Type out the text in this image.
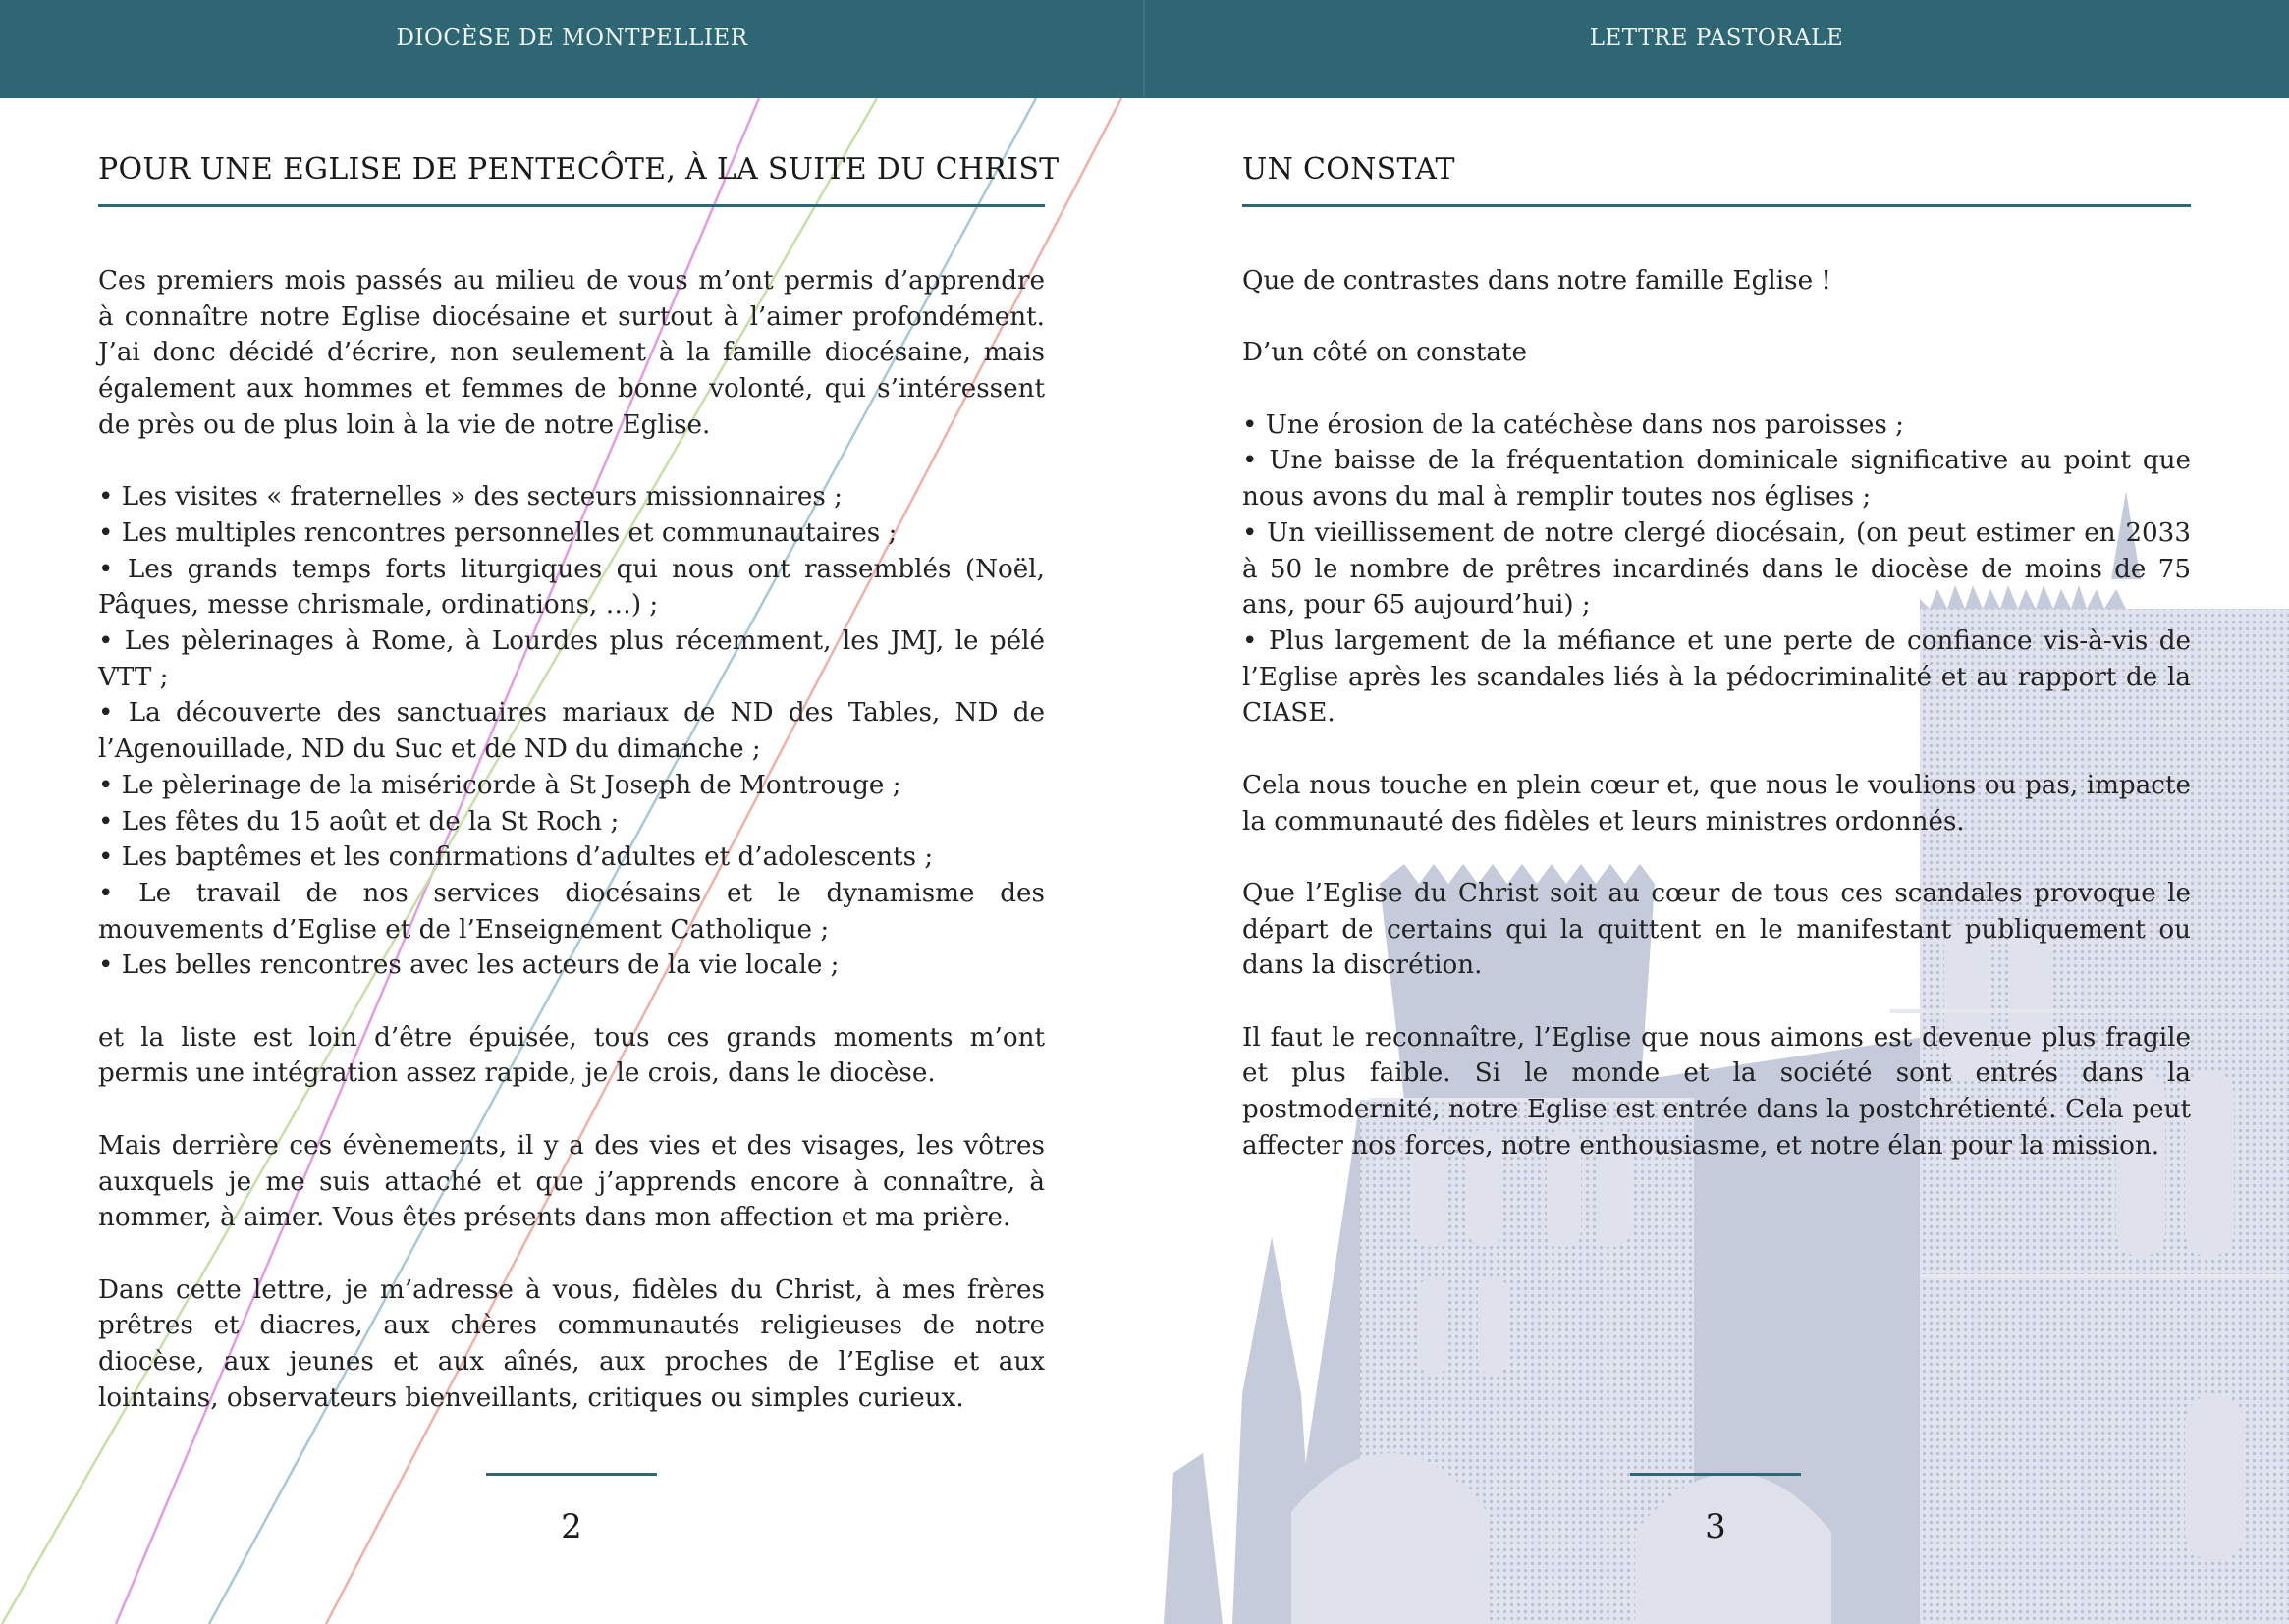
DIOCÈSE DE MONTPELLIER
POUR UNE EGLISE DE PENTECÔTE, À LA SUITE DU CHRIST

Ces premiers mois passés au milieu de vous m’ont permis d’apprendre à connaître notre Eglise diocésaine et surtout à l’aimer profondément. J’ai donc décidé d’écrire, non seulement à la famille diocésaine, mais également aux hommes et femmes de bonne volonté, qui s’intéressent de près ou de plus loin à la vie de notre Eglise.

• Les visites « fraternelles » des secteurs missionnaires ;
• Les multiples rencontres personnelles et communautaires ;
• Les grands temps forts liturgiques qui nous ont rassemblés (Noël, Pâques, messe chrismale, ordinations, …) ;
• Les pèlerinages à Rome, à Lourdes plus récemment, les JMJ, le pélé VTT ;
• La découverte des sanctuaires mariaux de ND des Tables, ND de l’Agenouillade, ND du Suc et de ND du dimanche ;
• Le pèlerinage de la miséricorde à St Joseph de Montrouge ;
• Les fêtes du 15 août et de la St Roch ;
• Les baptêmes et les confirmations d’adultes et d’adolescents ;
• Le travail de nos services diocésains et le dynamisme des mouvements d’Eglise et de l’Enseignement Catholique ;
• Les belles rencontres avec les acteurs de la vie locale ;

et la liste est loin d’être épuisée, tous ces grands moments m’ont permis une intégration assez rapide, je le crois, dans le diocèse.

Mais derrière ces évènements, il y a des vies et des visages, les vôtres auxquels je me suis attaché et que j’apprends encore à connaître, à nommer, à aimer. Vous êtes présents dans mon affection et ma prière.

Dans cette lettre, je m’adresse à vous, fidèles du Christ, à mes frères prêtres et diacres, aux chères communautés religieuses de notre diocèse, aux jeunes et aux aînés, aux proches de l’Eglise et aux lointains, observateurs bienveillants, critiques ou simples curieux.

2
LETTRE PASTORALE
UN CONSTAT

Que de contrastes dans notre famille Eglise !

D’un côté on constate

• Une érosion de la catéchèse dans nos paroisses ;
• Une baisse de la fréquentation dominicale significative au point que nous avons du mal à remplir toutes nos églises ;
• Un vieillissement de notre clergé diocésain, (on peut estimer en 2033 à 50 le nombre de prêtres incardinés dans le diocèse de moins de 75 ans, pour 65 aujourd’hui) ;
• Plus largement de la méfiance et une perte de confiance vis-à-vis de l’Eglise après les scandales liés à la pédocriminalité et au rapport de la CIASE.

Cela nous touche en plein cœur et, que nous le voulions ou pas, impacte la communauté des fidèles et leurs ministres ordonnés.

Que l’Eglise du Christ soit au cœur de tous ces scandales provoque le départ de certains qui la quittent en le manifestant publiquement ou dans la discrétion.

Il faut le reconnaître, l’Eglise que nous aimons est devenue plus fragile et plus faible. Si le monde et la société sont entrés dans la postmodernité, notre Eglise est entrée dans la postchrétienté. Cela peut affecter nos forces, notre enthousiasme, et notre élan pour la mission.

3
